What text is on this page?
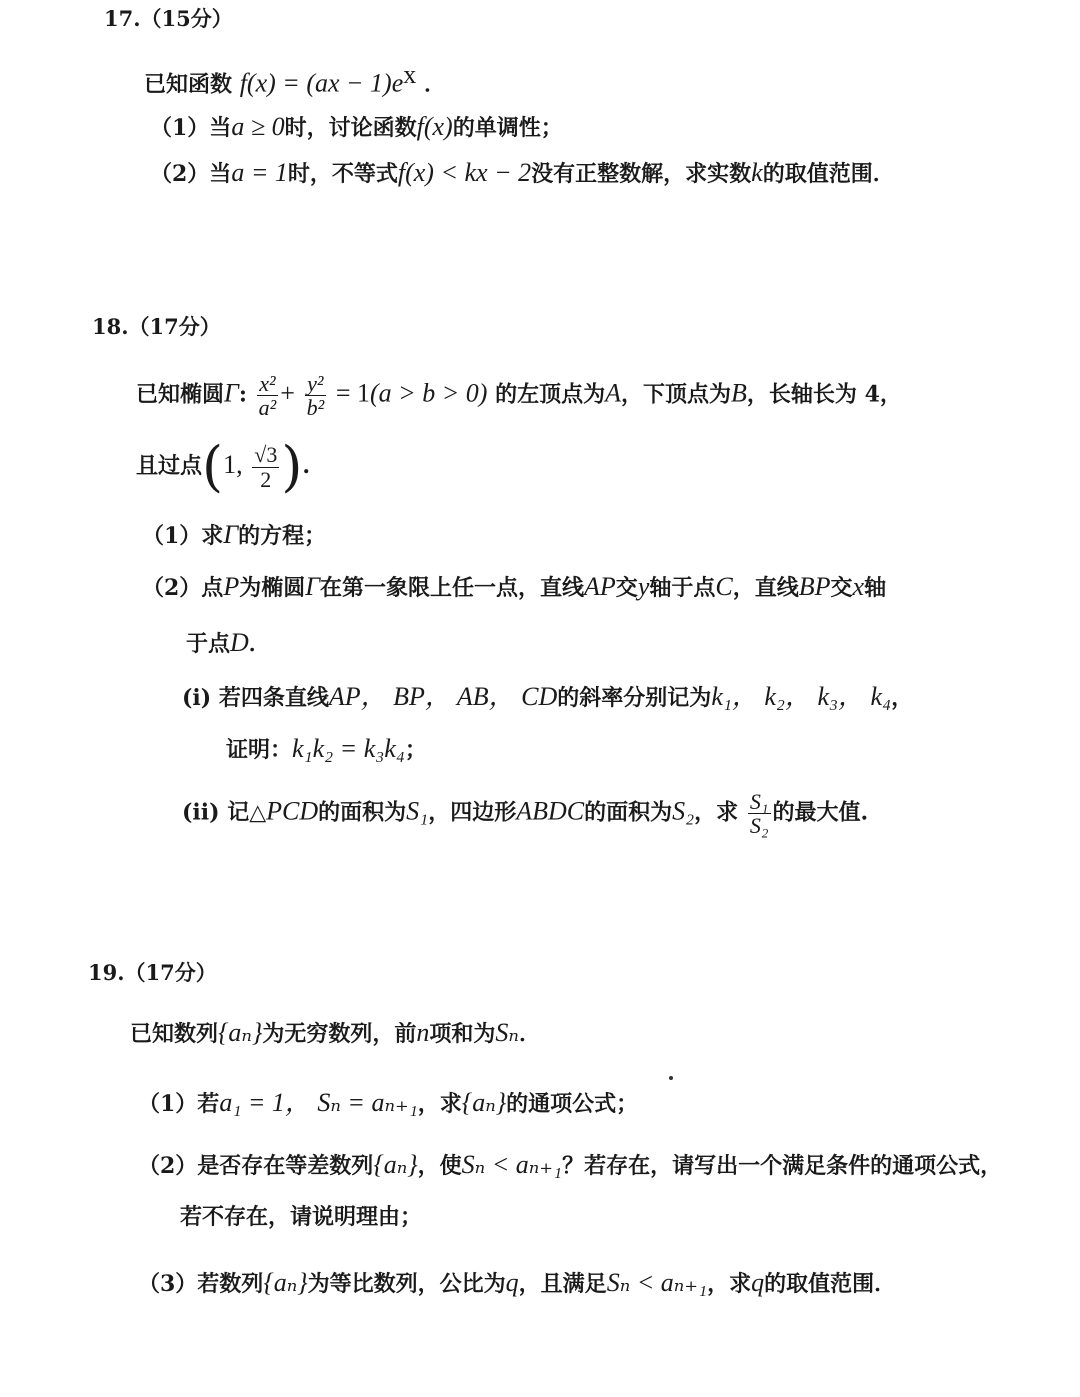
17.（15分）
已知函数 $f(x) = (ax - 1)e^x$ ．
（1）当a ≥ 0时，讨论函数f(x)的单调性；
（2）当a = 1时，不等式f(x) < kx − 2没有正整数解，求实数k的取值范围．
18.（17分）
已知椭圆Γ: $\frac{\text{x²}}{\text{a²}} + \frac{\text{y²}}{\text{b²}} = 1(a > b > 0)$ 的左顶点为A，下顶点为B，长轴长为 4，
且过点(1, $\frac{√3}{2}$ ).
（1）求Γ的方程；
（2）点P为椭圆Γ在第一象限上任一点，直线AP交y轴于点C，直线BP交x轴
于点D．
(i) 若四条直线AP， BP， AB， CD的斜率分别记为k₁， k₂， k₃， k₄，
证明：k₁k₂ = k₃k₄；
(ii) 记△PCD的面积为S₁，四边形ABDC的面积为S₂，求 $\frac{\text{S₁}}{\text{S₂}}$ 的最大值.
19.（17分）
已知数列{aₙ}为无穷数列，前n项和为Sₙ．
（1）若a₁ = 1， Sₙ = aₙ₊₁，求{aₙ}的通项公式；
（2）是否存在等差数列{aₙ}，使Sₙ < aₙ₊₁？若存在，请写出一个满足条件的通项公式，
若不存在，请说明理由；
（3）若数列{aₙ}为等比数列，公比为q，且满足Sₙ < aₙ₊₁，求q的取值范围．
